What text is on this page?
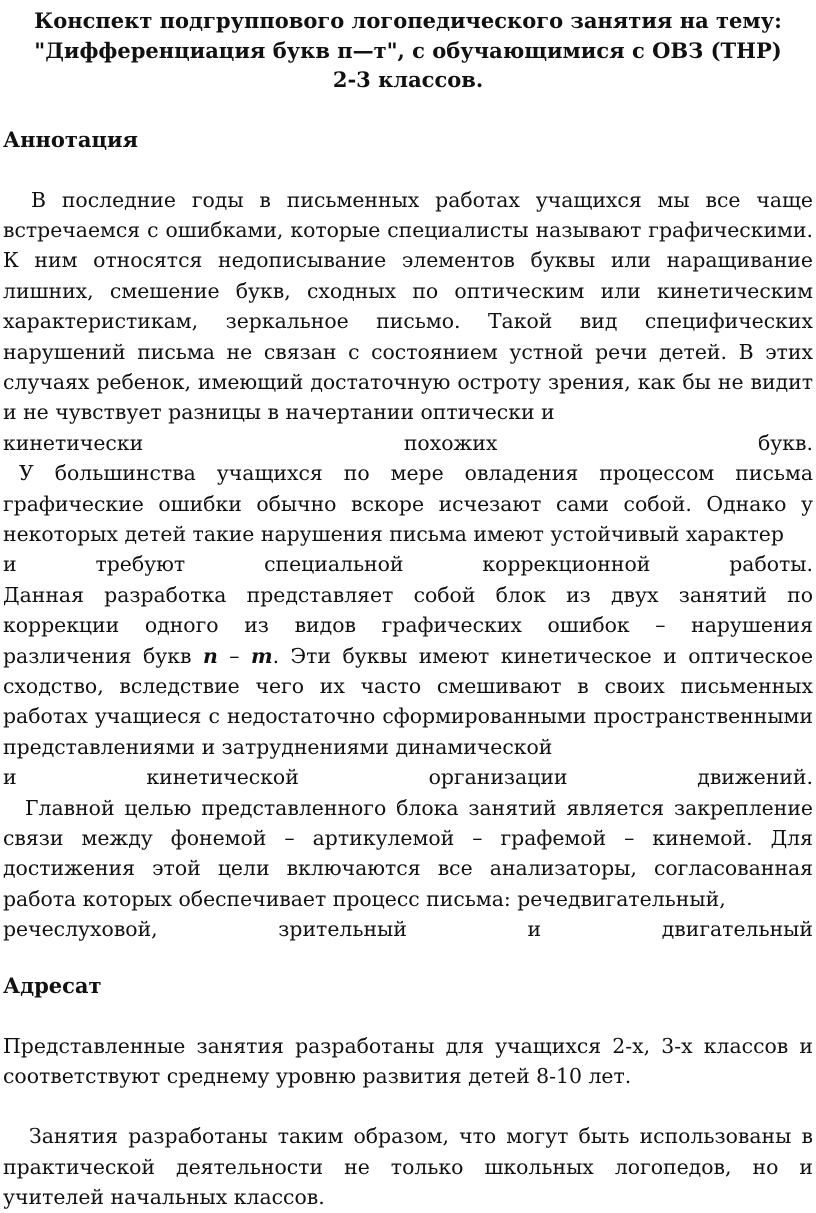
Конспект подгруппового логопедического занятия на тему: "Дифференциация букв п—т", с обучающимися с ОВЗ (ТНР) 2-3 классов.
Аннотация
В последние годы в письменных работах учащихся мы все чаще встречаемся с ошибками, которые специалисты называют графическими. К ним относятся недописывание элементов буквы или наращивание лишних, смешение букв, сходных по оптическим или кинетическим характеристикам, зеркальное письмо. Такой вид специфических нарушений письма не связан с состоянием устной речи детей. В этих случаях ребенок, имеющий достаточную остроту зрения, как бы не видит и не чувствует разницы в начертании оптически и
кинетически	похожих	букв.
У большинства учащихся по мере овладения процессом письма графические ошибки обычно вскоре исчезают сами собой. Однако у некоторых детей такие нарушения письма имеют устойчивый характер
и	требуют	специальной	коррекционной	работы.
Данная разработка представляет собой блок из двух занятий по коррекции одного из видов графических ошибок – нарушения различения букв п – т. Эти буквы имеют кинетическое и оптическое сходство, вследствие чего их часто смешивают в своих письменных работах учащиеся с недостаточно сформированными пространственными представлениями и затруднениями динамической
и	кинетической	организации	движений.
Главной целью представленного блока занятий является закрепление связи между фонемой – артикулемой – графемой – кинемой. Для достижения этой цели включаются все анализаторы, согласованная работа которых обеспечивает процесс письма: речедвигательный,
речеслуховой,	зрительный	и	двигательный
Адресат
Представленные занятия разработаны для учащихся 2-х, 3-х классов и соответствуют среднему уровню развития детей 8-10 лет.
Занятия разработаны таким образом, что могут быть использованы в практической деятельности не только школьных логопедов, но и учителей начальных классов.
